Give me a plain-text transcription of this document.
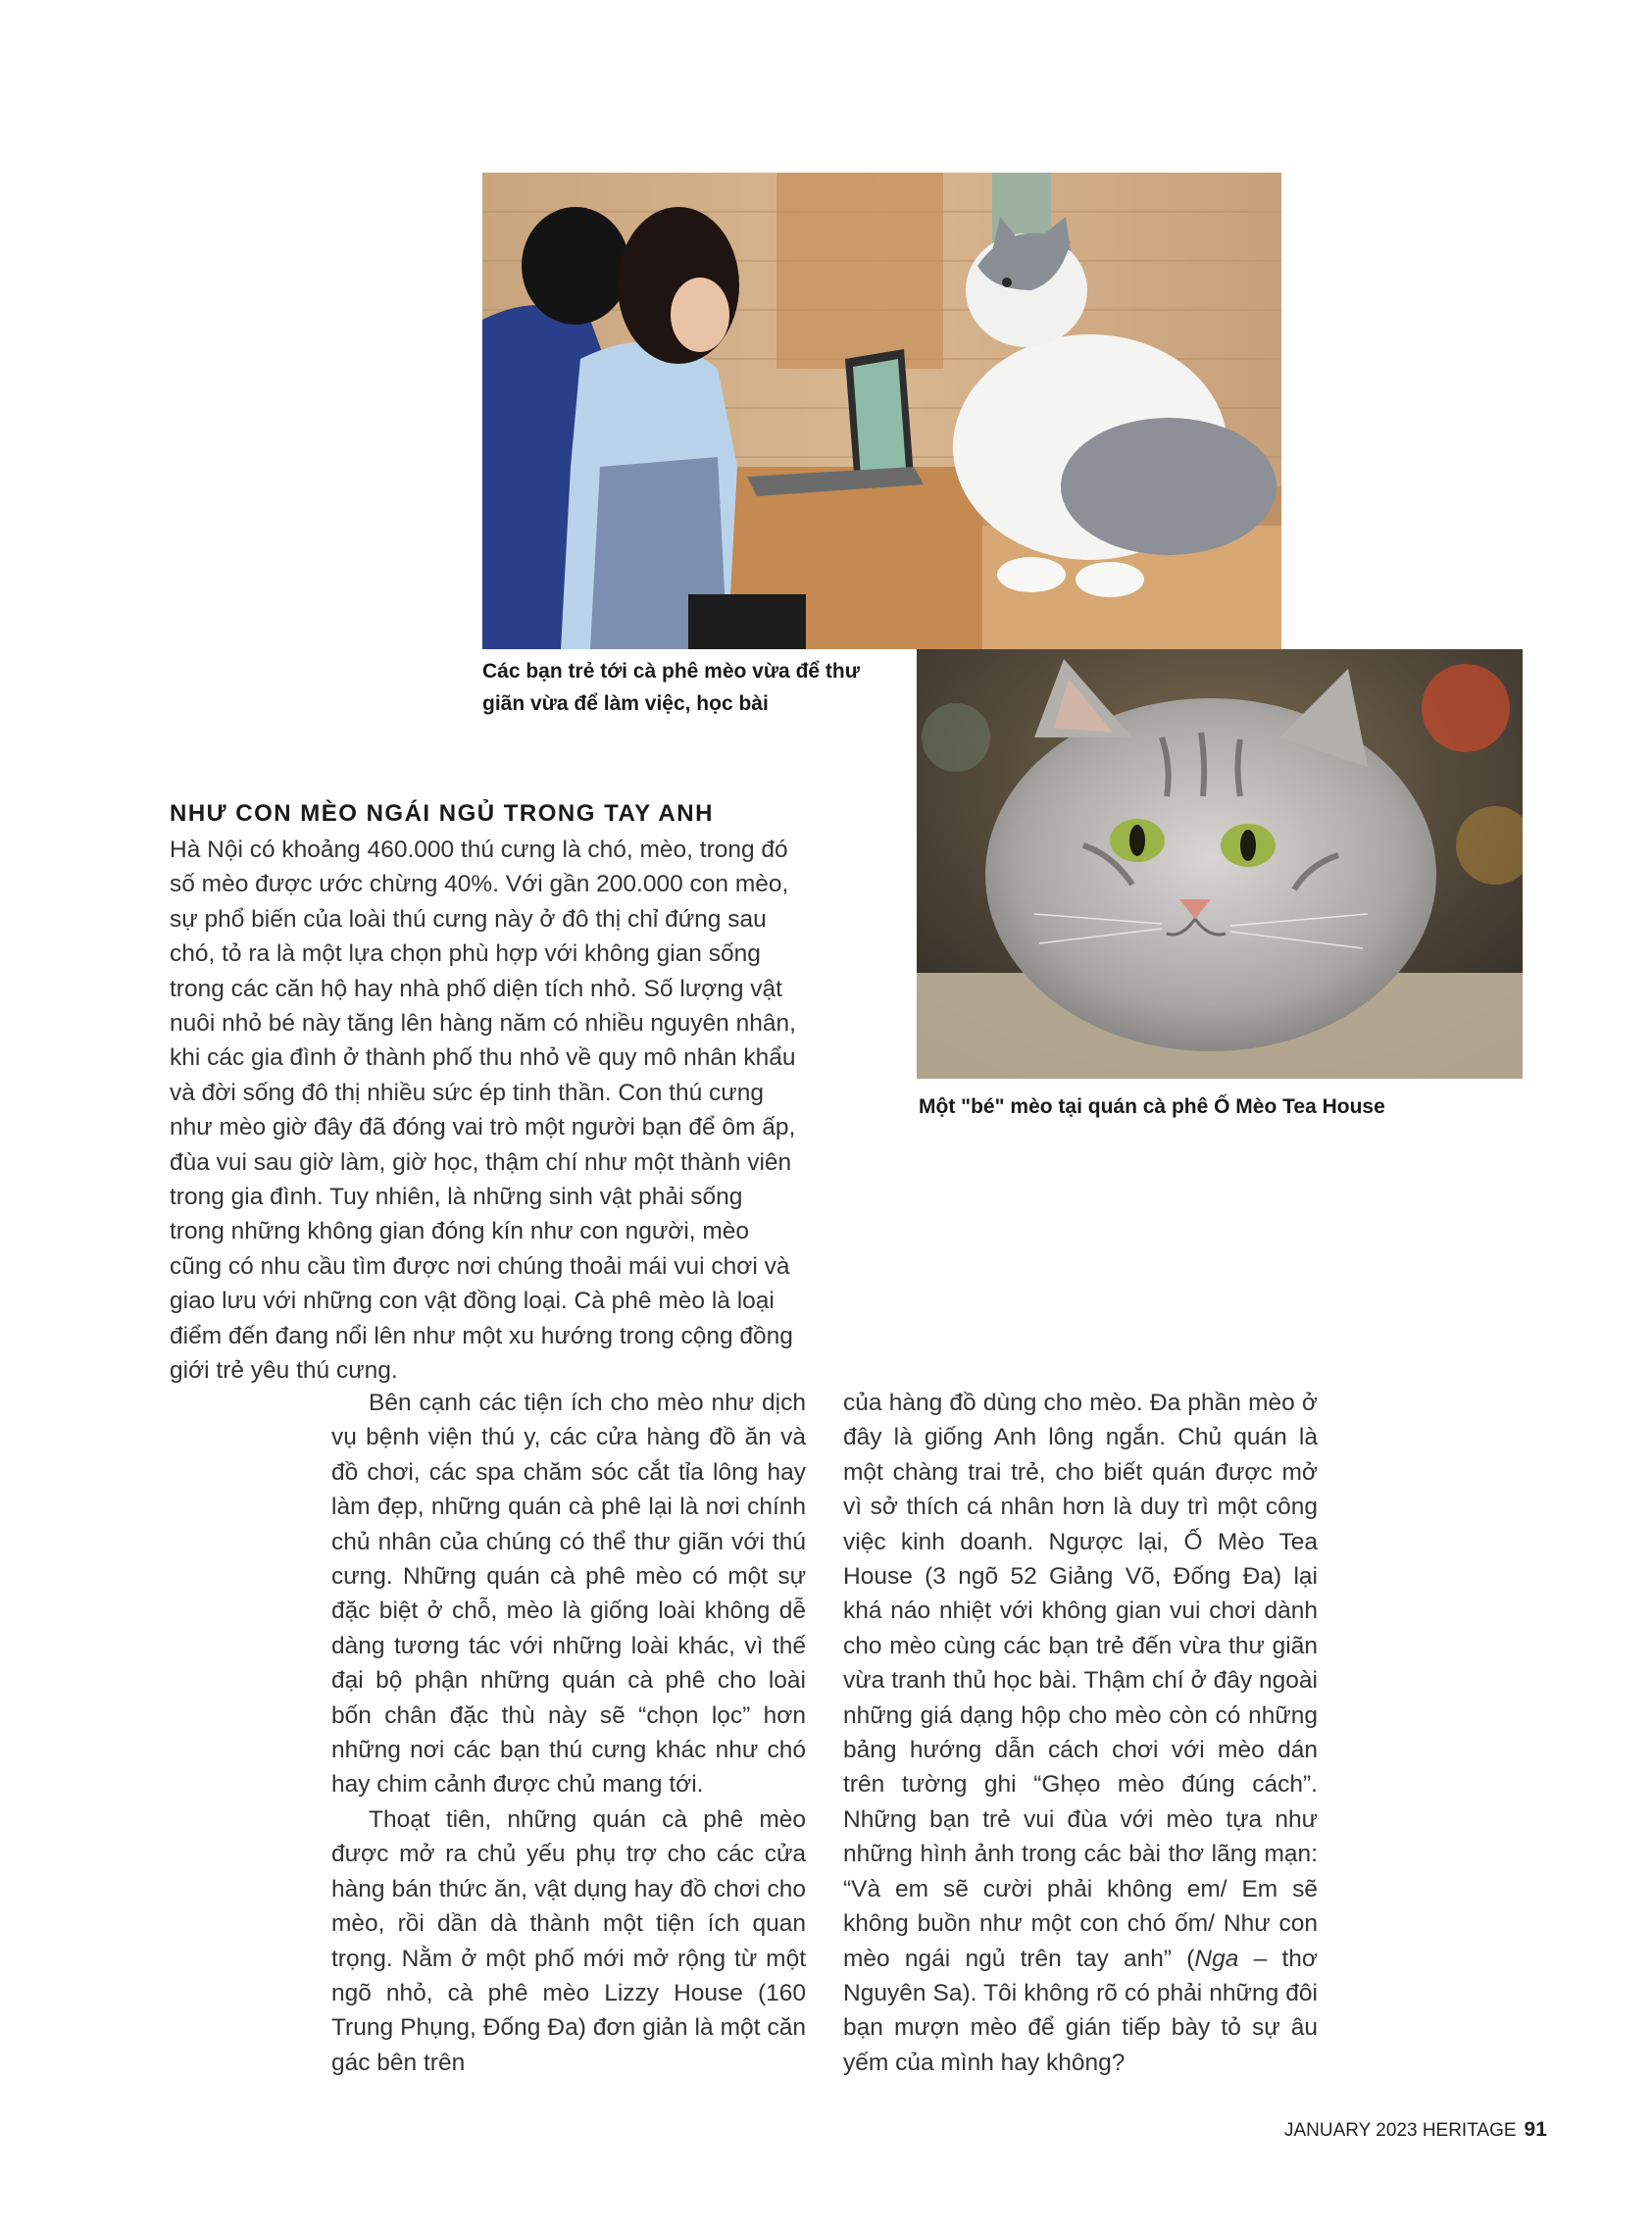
Các bạn trẻ tới cà phê mèo vừa để thư giãn vừa để làm việc, học bài

Một "bé" mèo tại quán cà phê Ố Mèo Tea House

NHƯ CON MÈO NGÁI NGỦ TRONG TAY ANH

Hà Nội có khoảng 460.000 thú cưng là chó, mèo, trong đó số mèo được ước chừng 40%. Với gần 200.000 con mèo, sự phổ biến của loài thú cưng này ở đô thị chỉ đứng sau chó, tỏ ra là một lựa chọn phù hợp với không gian sống trong các căn hộ hay nhà phố diện tích nhỏ. Số lượng vật nuôi nhỏ bé này tăng lên hàng năm có nhiều nguyên nhân, khi các gia đình ở thành phố thu nhỏ về quy mô nhân khẩu và đời sống đô thị nhiều sức ép tinh thần. Con thú cưng như mèo giờ đây đã đóng vai trò một người bạn để ôm ấp, đùa vui sau giờ làm, giờ học, thậm chí như một thành viên trong gia đình. Tuy nhiên, là những sinh vật phải sống trong những không gian đóng kín như con người, mèo cũng có nhu cầu tìm được nơi chúng thoải mái vui chơi và giao lưu với những con vật đồng loại. Cà phê mèo là loại điểm đến đang nổi lên như một xu hướng trong cộng đồng giới trẻ yêu thú cưng.

Bên cạnh các tiện ích cho mèo như dịch vụ bệnh viện thú y, các cửa hàng đồ ăn và đồ chơi, các spa chăm sóc cắt tỉa lông hay làm đẹp, những quán cà phê lại là nơi chính chủ nhân của chúng có thể thư giãn với thú cưng. Những quán cà phê mèo có một sự đặc biệt ở chỗ, mèo là giống loài không dễ dàng tương tác với những loài khác, vì thế đại bộ phận những quán cà phê cho loài bốn chân đặc thù này sẽ “chọn lọc” hơn những nơi các bạn thú cưng khác như chó hay chim cảnh được chủ mang tới.

Thoạt tiên, những quán cà phê mèo được mở ra chủ yếu phụ trợ cho các cửa hàng bán thức ăn, vật dụng hay đồ chơi cho mèo, rồi dần dà thành một tiện ích quan trọng. Nằm ở một phố mới mở rộng từ một ngõ nhỏ, cà phê mèo Lizzy House (160 Trung Phụng, Đống Đa) đơn giản là một căn gác bên trên

của hàng đồ dùng cho mèo. Đa phần mèo ở đây là giống Anh lông ngắn. Chủ quán là một chàng trai trẻ, cho biết quán được mở vì sở thích cá nhân hơn là duy trì một công việc kinh doanh. Ngược lại, Ố Mèo Tea House (3 ngõ 52 Giảng Võ, Đống Đa) lại khá náo nhiệt với không gian vui chơi dành cho mèo cùng các bạn trẻ đến vừa thư giãn vừa tranh thủ học bài. Thậm chí ở đây ngoài những giá dạng hộp cho mèo còn có những bảng hướng dẫn cách chơi với mèo dán trên tường ghi “Ghẹo mèo đúng cách”. Những bạn trẻ vui đùa với mèo tựa như những hình ảnh trong các bài thơ lãng mạn: “Và em sẽ cười phải không em/ Em sẽ không buồn như một con chó ốm/ Như con mèo ngái ngủ trên tay anh” (Nga – thơ Nguyên Sa). Tôi không rõ có phải những đôi bạn mượn mèo để gián tiếp bày tỏ sự âu yếm của mình hay không?

JANUARY 2023 HERITAGE 91
